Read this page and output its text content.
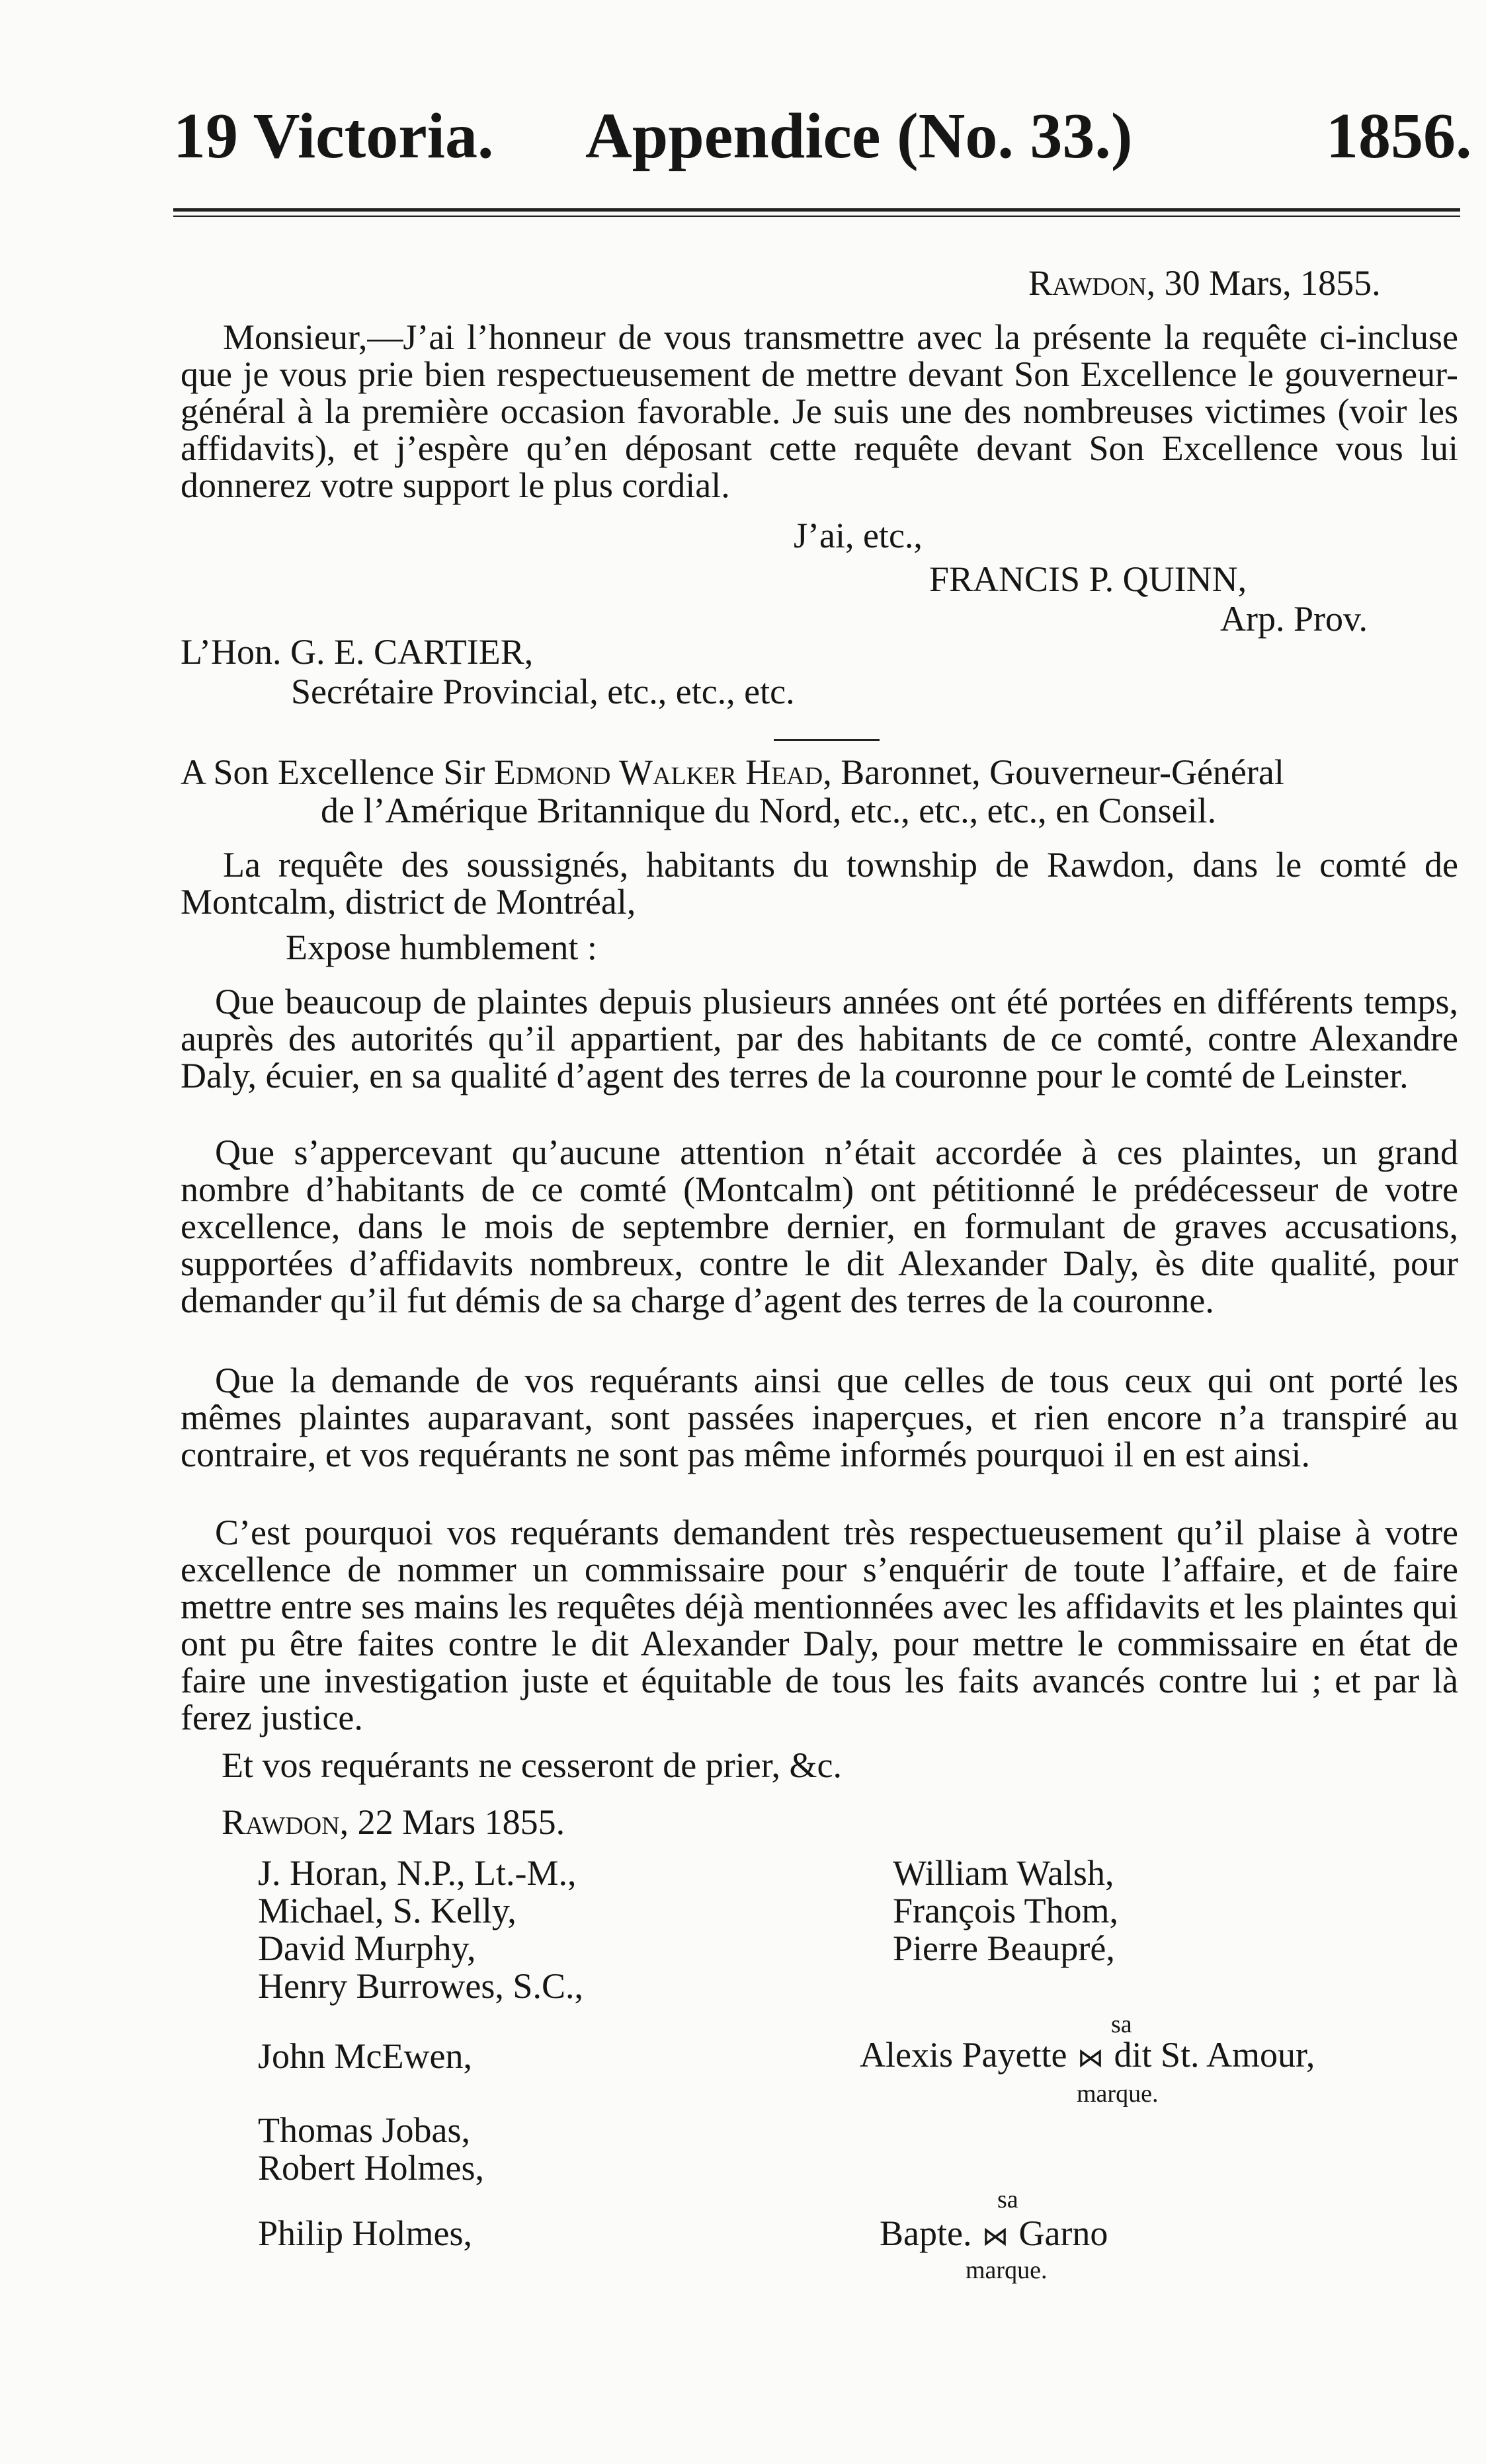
19 Victoria. Appendice (No. 33.)	1856.
Rawdon, 30 Mars, 1855.
Monsieur,—J’ai l’honneur de vous transmettre avec la présente la requête ci-incluse que je vous prie bien respectueusement de mettre devant Son Excellence le gouverneur-général à la première occasion favorable. Je suis une des nombreuses victimes (voir les affidavits), et j’espère qu’en déposant cette requête devant Son Excellence vous lui donnerez votre support le plus cordial.
J’ai, etc.,
FRANCIS P. QUINN,
Arp. Prov.
L’Hon. G. E. CARTIER,
Secrétaire Provincial, etc., etc., etc.
A Son Excellence Sir Edmond Walker Head, Baronnet, Gouverneur-Général
de l’Amérique Britannique du Nord, etc., etc., etc., en Conseil.
La requête des soussignés, habitants du township de Rawdon, dans le comté de Montcalm, district de Montréal,
Expose humblement :
Que beaucoup de plaintes depuis plusieurs années ont été portées en différents temps, auprès des autorités qu’il appartient, par des habitants de ce comté, contre Alexandre Daly, écuier, en sa qualité d’agent des terres de la couronne pour le comté de Leinster.
Que s’appercevant qu’aucune attention n’était accordée à ces plaintes, un grand nombre d’habitants de ce comté (Montcalm) ont pétitionné le prédécesseur de votre excellence, dans le mois de septembre dernier, en formulant de graves accusations, supportées d’affidavits nombreux, contre le dit Alexander Daly, ès dite qualité, pour demander qu’il fut démis de sa charge d’agent des terres de la couronne.
Que la demande de vos requérants ainsi que celles de tous ceux qui ont porté les mêmes plaintes auparavant, sont passées inaperçues, et rien encore n’a transpiré au contraire, et vos requérants ne sont pas même informés pourquoi il en est ainsi.
C’est pourquoi vos requérants demandent très respectueusement qu’il plaise à votre excellence de nommer un commissaire pour s’enquérir de toute l’affaire, et de faire mettre entre ses mains les requêtes déjà mentionnées avec les affidavits et les plaintes qui ont pu être faites contre le dit Alexander Daly, pour mettre le commissaire en état de faire une investigation juste et équitable de tous les faits avancés contre lui ; et par là ferez justice.
Et vos requérants ne cesseront de prier, &c.
Rawdon, 22 Mars 1855.
J. Horan, N.P., Lt.-M.,
Michael, S. Kelly,
David Murphy,
Henry Burrowes, S.C.,
John McEwen,
Thomas Jobas,
Robert Holmes,
Philip Holmes,
William Walsh,
François Thom,
Pierre Beaupré,
sa
Alexis Payette ⋈ dit St. Amour,
marque.
sa
Bapte. ⋈ Garno
marque.
